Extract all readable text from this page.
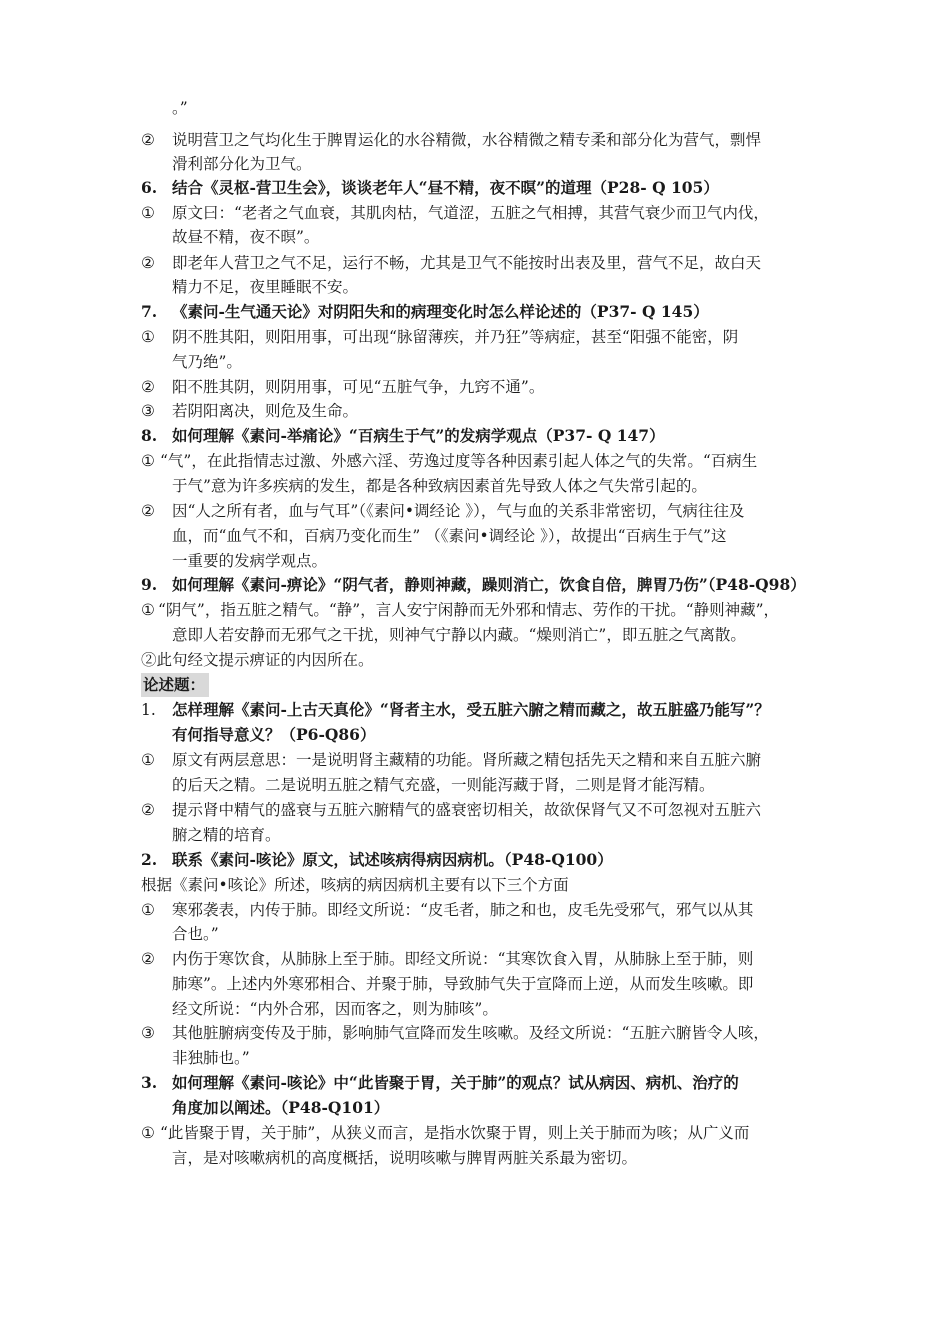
。”
② 说明营卫之气均化生于脾胃运化的水谷精微，水谷精微之精专柔和部分化为营气，剽悍
滑利部分化为卫气。
6. 结合《灵枢-营卫生会》，谈谈老年人“昼不精，夜不暝”的道理（P28- Q 105）
① 原文曰：“老者之气血衰，其肌肉枯，气道涩，五脏之气相搏，其营气衰少而卫气内伐，
故昼不精，夜不暝”。
② 即老年人营卫之气不足，运行不畅，尤其是卫气不能按时出表及里，营气不足，故白天
精力不足，夜里睡眠不安。
7. 《素问-生气通天论》对阴阳失和的病理变化时怎么样论述的（P37- Q 145）
① 阴不胜其阳，则阳用事，可出现“脉留薄疾，并乃狂”等病症，甚至“阳强不能密，阴
气乃绝”。
② 阳不胜其阴，则阴用事，可见“五脏气争，九窍不通”。
③ 若阴阳离决，则危及生命。
8. 如何理解《素问-举痛论》“百病生于气”的发病学观点（P37- Q 147）
① “气”，在此指情志过激、外感六淫、劳逸过度等各种因素引起人体之气的失常。“百病生
于气”意为许多疾病的发生，都是各种致病因素首先导致人体之气失常引起的。
② 因“人之所有者，血与气耳”（《素问•调经论 》），气与血的关系非常密切，气病往往及
血，而“血气不和，百病乃变化而生” （《素问•调经论 》），故提出“百病生于气”这
一重要的发病学观点。
9. 如何理解《素问-痹论》“阴气者，静则神藏，躁则消亡，饮食自倍，脾胃乃伤”（P48-Q98）
① “阴气”，指五脏之精气。“静”，言人安宁闲静而无外邪和情志、劳作的干扰。“静则神藏”，
意即人若安静而无邪气之干扰，则神气宁静以内藏。“燥则消亡”，即五脏之气离散。
②此句经文提示痹证的内因所在。
论述题：
1. 怎样理解《素问-上古天真伦》“肾者主水，受五脏六腑之精而藏之，故五脏盛乃能写”？
有何指导意义？（P6-Q86）
① 原文有两层意思：一是说明肾主藏精的功能。肾所藏之精包括先天之精和来自五脏六腑
的后天之精。二是说明五脏之精气充盛，一则能泻藏于肾，二则是肾才能泻精。
② 提示肾中精气的盛衰与五脏六腑精气的盛衰密切相关，故欲保肾气又不可忽视对五脏六
腑之精的培育。
2. 联系《素问-咳论》原文，试述咳病得病因病机。（P48-Q100）
根据《素问•咳论》所述，咳病的病因病机主要有以下三个方面
① 寒邪袭表，内传于肺。即经文所说：“皮毛者，肺之和也，皮毛先受邪气，邪气以从其
合也。”
② 内伤于寒饮食，从肺脉上至于肺。即经文所说：“其寒饮食入胃，从肺脉上至于肺，则
肺寒”。上述内外寒邪相合、并聚于肺，导致肺气失于宣降而上逆，从而发生咳嗽。即
经文所说：“内外合邪，因而客之，则为肺咳”。
③ 其他脏腑病变传及于肺，影响肺气宣降而发生咳嗽。及经文所说：“五脏六腑皆令人咳，
非独肺也。”
3. 如何理解《素问-咳论》中“此皆聚于胃，关于肺”的观点？试从病因、病机、治疗的
角度加以阐述。（P48-Q101）
① “此皆聚于胃，关于肺”，从狭义而言，是指水饮聚于胃，则上关于肺而为咳；从广义而
言，是对咳嗽病机的高度概括，说明咳嗽与脾胃两脏关系最为密切。
